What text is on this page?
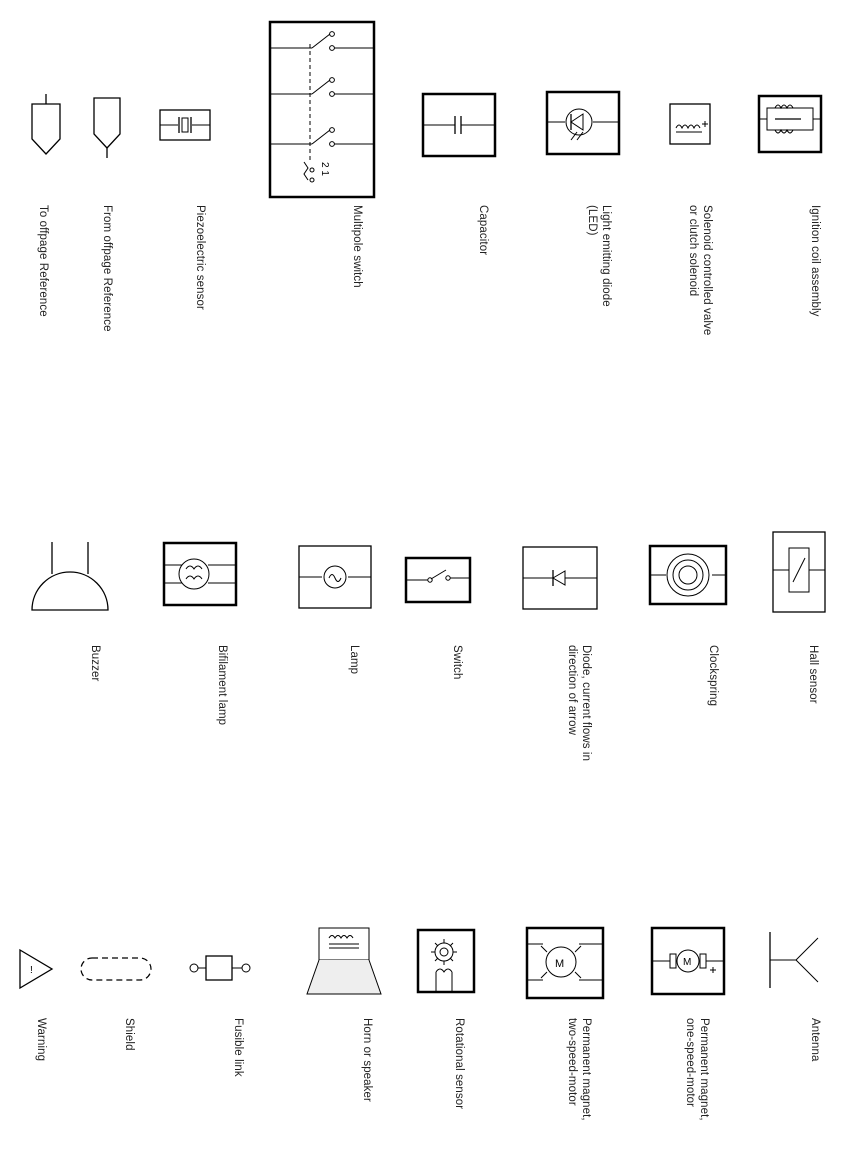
To offpage Reference	From offpage Reference	Piezoelectric sensor
2 1
Multipole switch	Capacitor	Light emitting diode
(LED)	Solenoid controlled valve
or clutch solenoid	Ignition coil assembly
Buzzer	Bifilament lamp	Lamp	Switch	Diode, current flows in
direction of arrow
Clockspring	Hall sensor
!
Warning	Shield	Fusible link	Horn or speaker	Rotational sensor
M
Permanent magnet,
two-speed-motor
M
Permanent magnet,
one-speed-motor	Antenna
